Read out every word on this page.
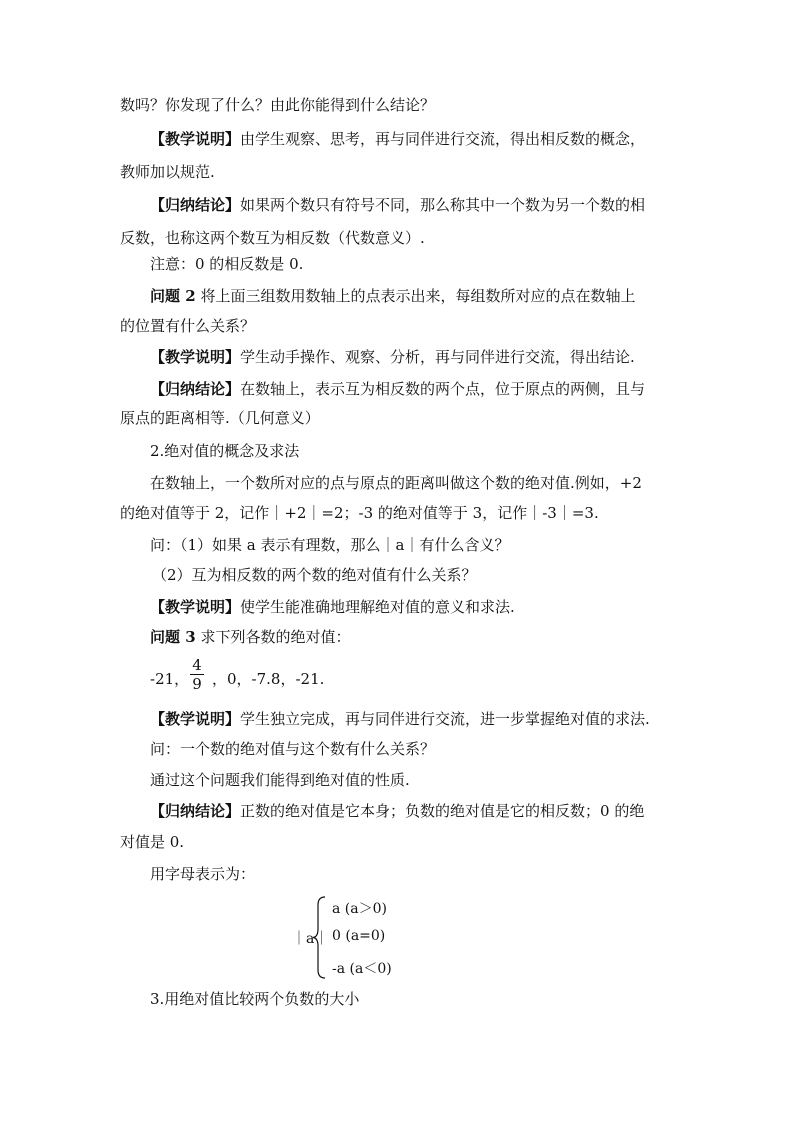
数吗？你发现了什么？由此你能得到什么结论？
【教学说明】由学生观察、思考，再与同伴进行交流，得出相反数的概念，
教师加以规范.
【归纳结论】如果两个数只有符号不同，那么称其中一个数为另一个数的相
反数，也称这两个数互为相反数（代数意义）.
注意：0 的相反数是 0.
问题 2 将上面三组数用数轴上的点表示出来，每组数所对应的点在数轴上
的位置有什么关系？
【教学说明】学生动手操作、观察、分析，再与同伴进行交流，得出结论.
【归纳结论】在数轴上，表示互为相反数的两个点，位于原点的两侧，且与
原点的距离相等.（几何意义）
2.绝对值的概念及求法
在数轴上，一个数所对应的点与原点的距离叫做这个数的绝对值.例如，+2
的绝对值等于 2，记作｜+2｜=2；-3 的绝对值等于 3，记作｜-3｜=3.
问：（1）如果 a 表示有理数，那么｜a｜有什么含义？
（2）互为相反数的两个数的绝对值有什么关系？
【教学说明】使学生能准确地理解绝对值的意义和求法.
问题 3 求下列各数的绝对值：
-21，
4
9 ，0，-7.8，-21.
【教学说明】学生独立完成，再与同伴进行交流，进一步掌握绝对值的求法.
问：一个数的绝对值与这个数有什么关系？
通过这个问题我们能得到绝对值的性质.
【归纳结论】正数的绝对值是它本身；负数的绝对值是它的相反数；0 的绝
对值是 0.
用字母表示为：
｜a｜
a (a＞0)
0 (a=0)
-a (a＜0)
3.用绝对值比较两个负数的大小
